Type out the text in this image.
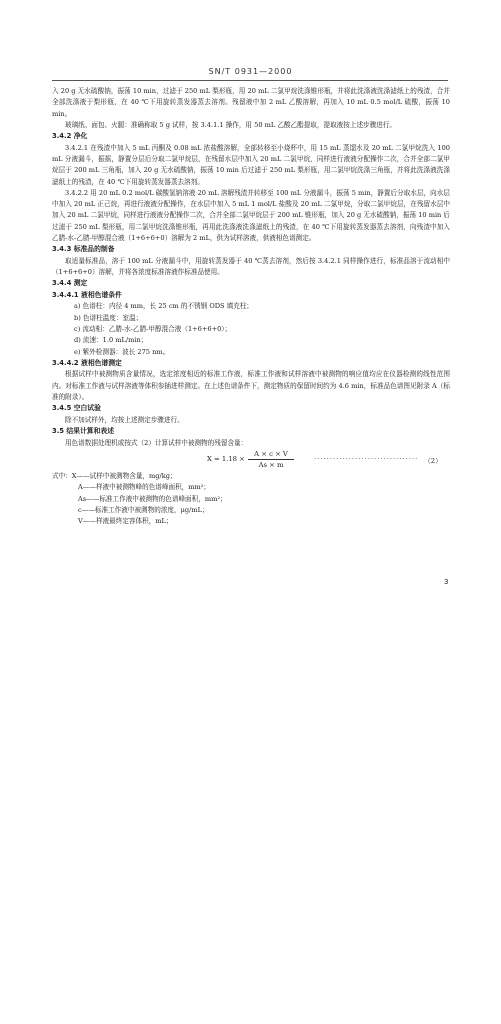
SN/T 0931—2000

入 20 g 无水硫酸钠，振荡 10 min，过滤于 250 mL 梨形瓶，用 20 mL 二氯甲烷洗涤锥形瓶，并将此洗涤液洗涤滤纸上的残渣，合并全部洗涤液于梨形瓶，在 40 ℃下用旋转蒸发器蒸去溶剂。残留液中加 2 mL 乙酸溶解，再加入 10 mL 0.5 mol/L 硫酸，振荡 10 min。

玻璃纸、面包、火腿：准确称取 5 g 试样，按 3.4.1.1 操作，用 50 mL 乙酸乙酯提取，提取液按上述步骤进行。

3.4.2 净化

3.4.2.1 在残渣中加入 5 mL 丙酮及 0.08 mL 浓盐酸溶解，全部转移至小烧杯中，用 15 mL 蒸馏水及 20 mL 二氯甲烷洗入 100 mL 分液漏斗，振摇，静置分层后分取二氯甲烷层，在残留水层中加入 20 mL 二氯甲烷，同样进行液液分配操作二次，合并全部二氯甲烷层于 200 mL 三角瓶，加入 20 g 无水硫酸钠，振荡 10 min 后过滤于 250 mL 梨形瓶，用二氯甲烷洗涤三角瓶，并将此洗涤液洗涤滤纸上的残渣，在 40 ℃下用旋转蒸发器蒸去溶剂。

3.4.2.2 用 20 mL 0.2 mol/L 碳酸氢钠溶液 20 mL 溶解残渣并转移至 100 mL 分液漏斗，振荡 5 min，静置后分取水层，向水层中加入 20 mL 正己烷，再进行液液分配操作，在水层中加入 5 mL 1 mol/L 盐酸及 20 mL 二氯甲烷，分取二氯甲烷层，在残留水层中加入 20 mL 二氯甲烷，同样进行液液分配操作二次，合并全部二氯甲烷层于 200 mL 锥形瓶，加入 20 g 无水硫酸钠，振荡 10 min 后过滤于 250 mL 梨形瓶，用二氯甲烷洗涤锥形瓶，再用此洗涤液洗涤滤纸上的残渣，在 40 ℃下用旋转蒸发器蒸去溶剂，向残渣中加入乙腈-水-乙腈-甲醇混合液（1+6+6+0）溶解为 2 mL，供为试样溶液，供液相色谱测定。

3.4.3 标准品的制备

取适量标准品，溶于 100 mL 分液漏斗中，用旋转蒸发器于 40 ℃蒸去溶剂，然后按 3.4.2.1 同样操作进行，标准品溶于流动相中（1+6+6+0）溶解，并将各浓度标准溶液作标准品使用。

3.4.4 测定
3.4.4.1 液相色谱条件
a) 色谱柱：内径 4 mm，长 25 cm 的不锈钢 ODS 填充柱；
b) 色谱柱温度：室温；
c) 流动相：乙腈-水-乙腈-甲醇混合液（1+6+6+0）；
d) 流速：1.0 mL/min；
e) 紫外检测器：波长 275 nm。
3.4.4.2 液相色谱测定

根据试样中被测物质含量情况，选定浓度相近的标准工作液，标准工作液和试样溶液中被测物的响应值均应在仪器检测的线性范围内。对标准工作液与试样溶液等体积参插进样测定。在上述色谱条件下，测定物质的保留时间约为 4.6 min，标准品色谱图见附录 A（标准的附录）。

3.4.5 空白试验

除不加试样外，均按上述测定步骤进行。

3.5 结果计算和表述

用色谱数据处理机或按式（2）计算试样中被测物的残留含量：

$X = 1.18 \times \frac{A \times c \times V}{As \times m}$	································· （2）

式中：X——试样中被测物含量，mg/kg；

A——样液中被测物峰的色谱峰面积，mm²；
As——标准工作液中被测物的色谱峰面积，mm²；
c——标准工作液中被测物的浓度，μg/mL；
V——样液最终定容体积，mL；
3
